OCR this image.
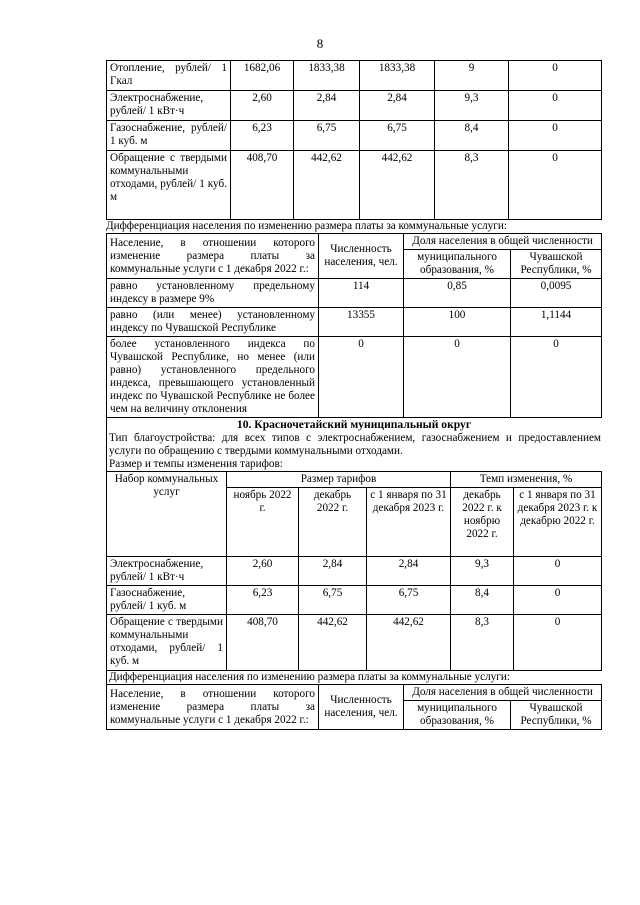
8
Отопление, рублей/ 1 Гкал	1682,06	1833,38	1833,38	9	0
Электроснабжение, рублей/ 1 кВт·ч	2,60	2,84	2,84	9,3	0
Газоснабжение, рублей/ 1 куб. м	6,23	6,75	6,75	8,4	0
Обращение с твердыми коммунальными отходами, рублей/ 1 куб. м	408,70	442,62	442,62	8,3	0
Дифференциация населения по изменению размера платы за коммунальные услуги:
Население, в отношении которого изменение размера платы за коммунальные услуги с 1 декабря 2022 г.:	Численность населения, чел.	Доля населения в общей численности	
		муниципального образования, %	Чувашской Республики, %
равно установленному предельному индексу в размере 9%	114	0,85	0,0095
равно (или менее) установленному индексу по Чувашской Республике	13355	100	1,1144
более установленного индекса по Чувашской Республике, но менее (или равно) установленного предельного индекса, превышающего установленный индекс по Чувашской Республике не более чем на величину отклонения	0	0	0
10. Красночетайский муниципальный округ
Тип благоустройства: для всех типов с электроснабжением, газоснабжением и предоставлением услуги по обращению с твердыми коммунальными отходами.
Размер и темпы изменения тарифов:
Набор коммунальных услуг	Размер тарифов			Темп изменения, %	
	ноябрь 2022 г.	декабрь 2022 г.	с 1 января по 31 декабря 2023 г.	декабрь 2022 г. к ноябрю 2022 г.	с 1 января по 31 декабря 2023 г. к декабрю 2022 г.
Электроснабжение, рублей/ 1 кВт·ч	2,60	2,84	2,84	9,3	0
Газоснабжение, рублей/ 1 куб. м	6,23	6,75	6,75	8,4	0
Обращение с твердыми коммунальными отходами, рублей/ 1 куб. м	408,70	442,62	442,62	8,3	0
Дифференциация населения по изменению размера платы за коммунальные услуги:
Население, в отношении которого изменение размера платы за коммунальные услуги с 1 декабря 2022 г.:	Численность населения, чел.	Доля населения в общей численности	
		муниципального образования, %	Чувашской Республики, %
